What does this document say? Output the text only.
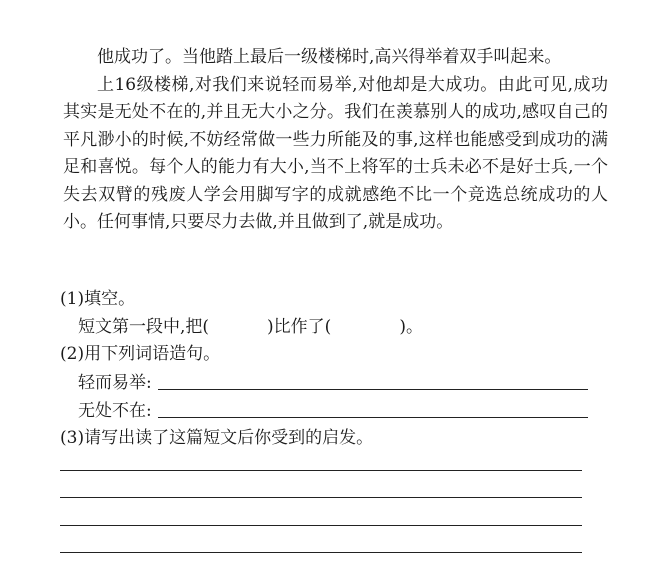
他成功了。当他踏上最后一级楼梯时,高兴得举着双手叫起来。

上16级楼梯,对我们来说轻而易举,对他却是大成功。由此可见,成功其实是无处不在的,并且无大小之分。我们在羡慕别人的成功,感叹自己的平凡渺小的时候,不妨经常做一些力所能及的事,这样也能感受到成功的满足和喜悦。每个人的能力有大小,当不上将军的士兵未必不是好士兵,一个失去双臂的残废人学会用脚写字的成就感绝不比一个竞选总统成功的人小。任何事情,只要尽力去做,并且做到了,就是成功。

(1)填空。
短文第一段中,把(	)比作了(	)。
(2)用下列词语造句。
轻而易举:
无处不在:
(3)请写出读了这篇短文后你受到的启发。
